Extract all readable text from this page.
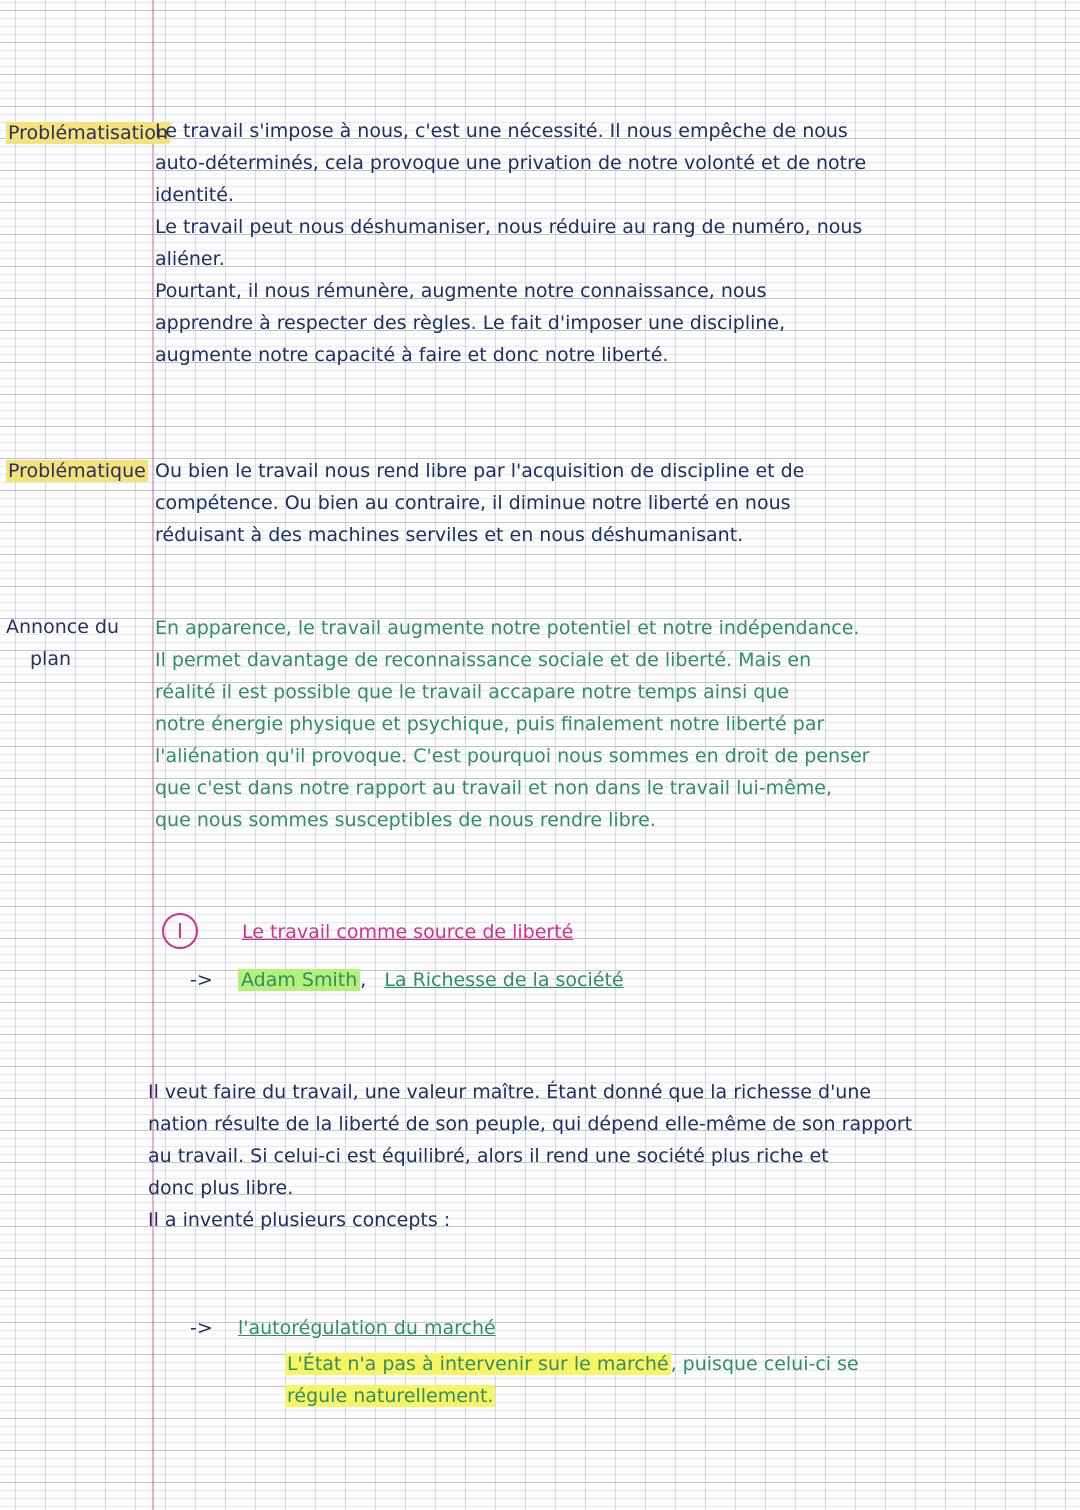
Problématisation
Problématique
Annonce du
plan

Le travail s'impose à nous, c'est une nécessité. Il nous empêche de nous

auto-déterminés, cela provoque une privation de notre volonté et de notre

identité.

Le travail peut nous déshumaniser, nous réduire au rang de numéro, nous

aliéner.

Pourtant, il nous rémunère, augmente notre connaissance, nous

apprendre à respecter des règles. Le fait d'imposer une discipline,

augmente notre capacité à faire et donc notre liberté.

Ou bien le travail nous rend libre par l'acquisition de discipline et de

compétence. Ou bien au contraire, il diminue notre liberté en nous

réduisant à des machines serviles et en nous déshumanisant.

En apparence, le travail augmente notre potentiel et notre indépendance.

Il permet davantage de reconnaissance sociale et de liberté. Mais en

réalité il est possible que le travail accapare notre temps ainsi que

notre énergie physique et psychique, puis finalement notre liberté par

l'aliénation qu'il provoque. C'est pourquoi nous sommes en droit de penser

que c'est dans notre rapport au travail et non dans le travail lui-même,

que nous sommes susceptibles de nous rendre libre.

I	Le travail comme source de liberté
-> Adam Smith , La Richesse de la société

Il veut faire du travail, une valeur maître. Étant donné que la richesse d'une

nation résulte de la liberté de son peuple, qui dépend elle-même de son rapport

au travail. Si celui-ci est équilibré, alors il rend une société plus riche et

donc plus libre.

Il a inventé plusieurs concepts :

-> l'autorégulation du marché

L'État n'a pas à intervenir sur le marché , puisque celui-ci se

régule naturellement.
